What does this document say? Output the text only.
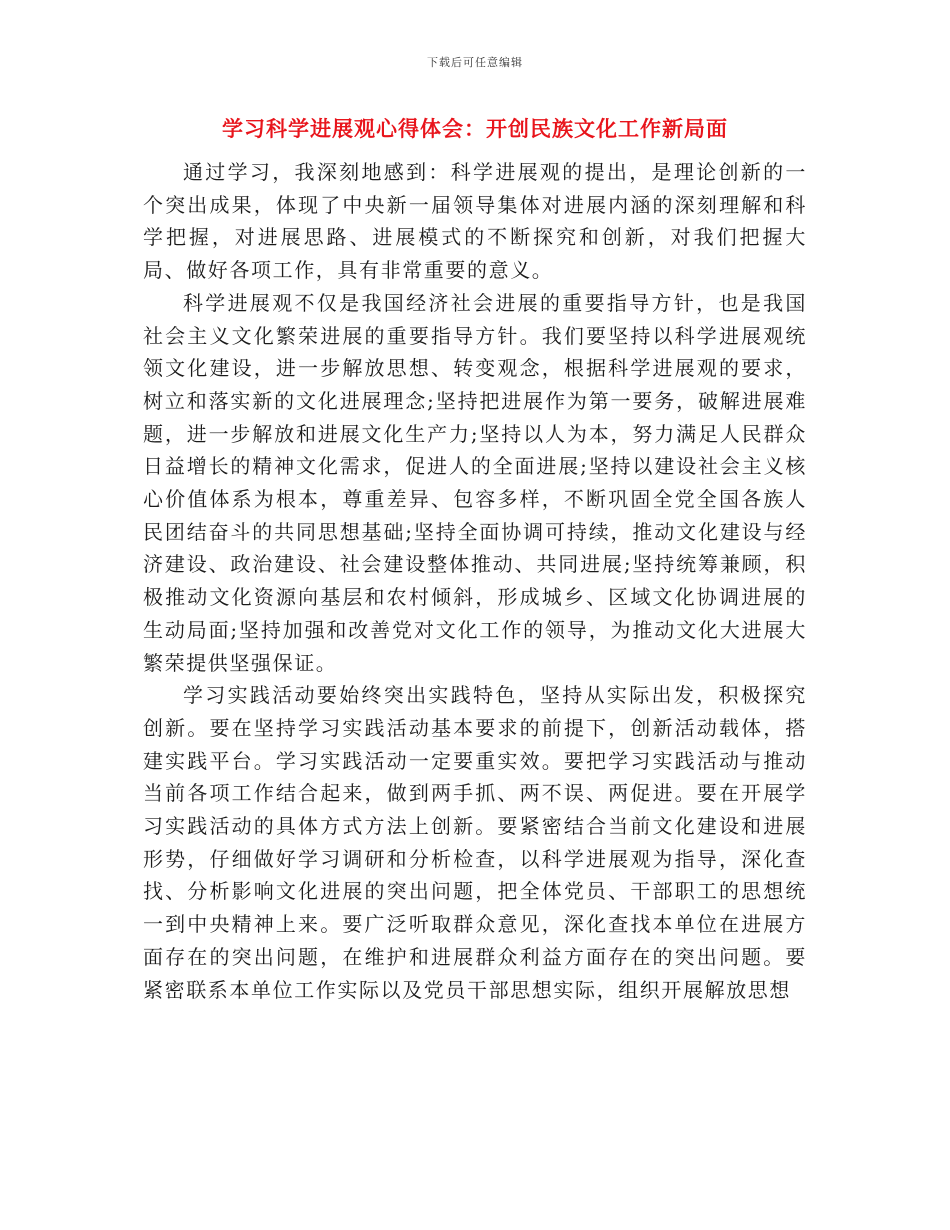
下载后可任意编辑
学习科学进展观心得体会：开创民族文化工作新局面

通过学习，我深刻地感到：科学进展观的提出，是理论创新的一个突出成果，体现了中央新一届领导集体对进展内涵的深刻理解和科学把握，对进展思路、进展模式的不断探究和创新，对我们把握大局、做好各项工作，具有非常重要的意义。

科学进展观不仅是我国经济社会进展的重要指导方针，也是我国社会主义文化繁荣进展的重要指导方针。我们要坚持以科学进展观统领文化建设，进一步解放思想、转变观念，根据科学进展观的要求，树立和落实新的文化进展理念;坚持把进展作为第一要务，破解进展难题，进一步解放和进展文化生产力;坚持以人为本，努力满足人民群众日益增长的精神文化需求，促进人的全面进展;坚持以建设社会主义核心价值体系为根本，尊重差异、包容多样，不断巩固全党全国各族人民团结奋斗的共同思想基础;坚持全面协调可持续，推动文化建设与经济建设、政治建设、社会建设整体推动、共同进展;坚持统筹兼顾，积极推动文化资源向基层和农村倾斜，形成城乡、区域文化协调进展的生动局面;坚持加强和改善党对文化工作的领导，为推动文化大进展大繁荣提供坚强保证。

学习实践活动要始终突出实践特色，坚持从实际出发，积极探究创新。要在坚持学习实践活动基本要求的前提下，创新活动载体，搭建实践平台。学习实践活动一定要重实效。要把学习实践活动与推动当前各项工作结合起来，做到两手抓、两不误、两促进。要在开展学习实践活动的具体方式方法上创新。要紧密结合当前文化建设和进展形势，仔细做好学习调研和分析检查，以科学进展观为指导，深化查找、分析影响文化进展的突出问题，把全体党员、干部职工的思想统一到中央精神上来。要广泛听取群众意见，深化查找本单位在进展方面存在的突出问题，在维护和进展群众利益方面存在的突出问题。要紧密联系本单位工作实际以及党员干部思想实际，组织开展解放思想
